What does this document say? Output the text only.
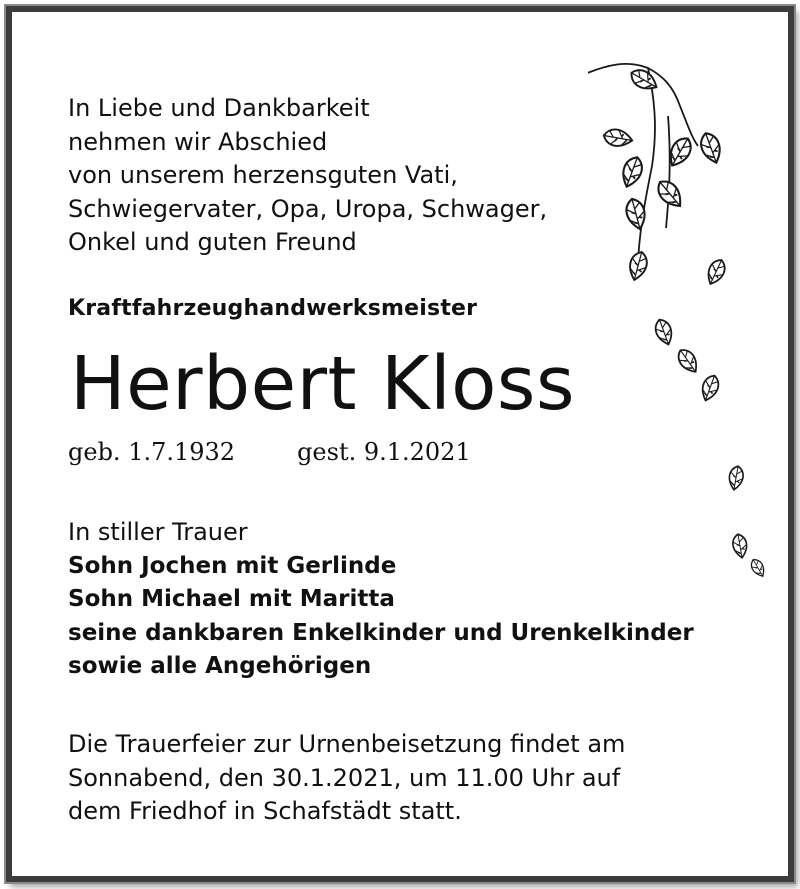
In Liebe und Dankbarkeit
nehmen wir Abschied
von unserem herzensguten Vati,
Schwiegervater, Opa, Uropa, Schwager,
Onkel und guten Freund
Kraftfahrzeughandwerksmeister
Herbert Kloss
geb. 1.7.1932	gest. 9.1.2021
In stiller Trauer
Sohn Jochen mit Gerlinde
Sohn Michael mit Maritta
seine dankbaren Enkelkinder und Urenkelkinder
sowie alle Angehörigen
Die Trauerfeier zur Urnenbeisetzung findet am
Sonnabend, den 30.1.2021, um 11.00 Uhr auf
dem Friedhof in Schafstädt statt.
